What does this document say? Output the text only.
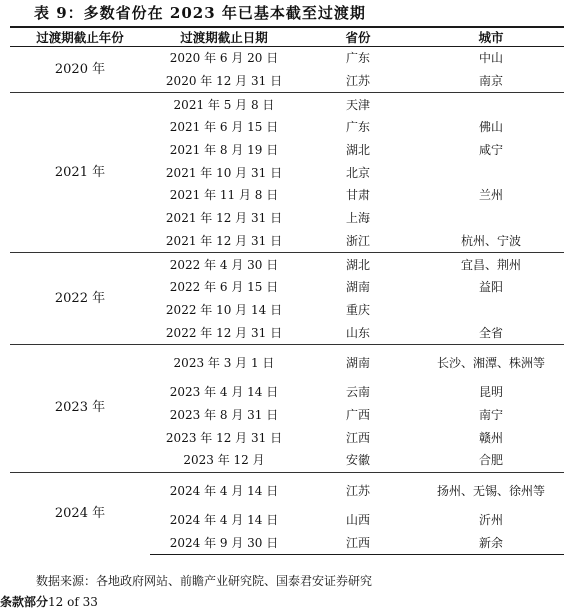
表 9：多数省份在 2023 年已基本截至过渡期
过渡期截止年份	过渡期截止日期	省份	城市
2020 年	2020 年 6 月 20 日	广东	中山
	2020 年 12 月 31 日	江苏	南京
2021 年	2021 年 5 月 8 日	天津	
	2021 年 6 月 15 日	广东	佛山
	2021 年 8 月 19 日	湖北	咸宁
	2021 年 10 月 31 日	北京	
	2021 年 11 月 8 日	甘肃	兰州
	2021 年 12 月 31 日	上海	
	2021 年 12 月 31 日	浙江	杭州、宁波
2022 年	2022 年 4 月 30 日	湖北	宜昌、荆州
	2022 年 6 月 15 日	湖南	益阳
	2022 年 10 月 14 日	重庆	
	2022 年 12 月 31 日	山东	全省
2023 年	2023 年 3 月 1 日	湖南	长沙、湘潭、株洲等
	2023 年 4 月 14 日	云南	昆明
	2023 年 8 月 31 日	广西	南宁
	2023 年 12 月 31 日	江西	赣州
	2023 年 12 月	安徽	合肥
2024 年	2024 年 4 月 14 日	江苏	扬州、无锡、徐州等
	2024 年 4 月 14 日	山西	沂州
	2024 年 9 月 30 日	江西	新余
数据来源：各地政府网站、前瞻产业研究院、国泰君安证券研究
条款部分12 of 33
